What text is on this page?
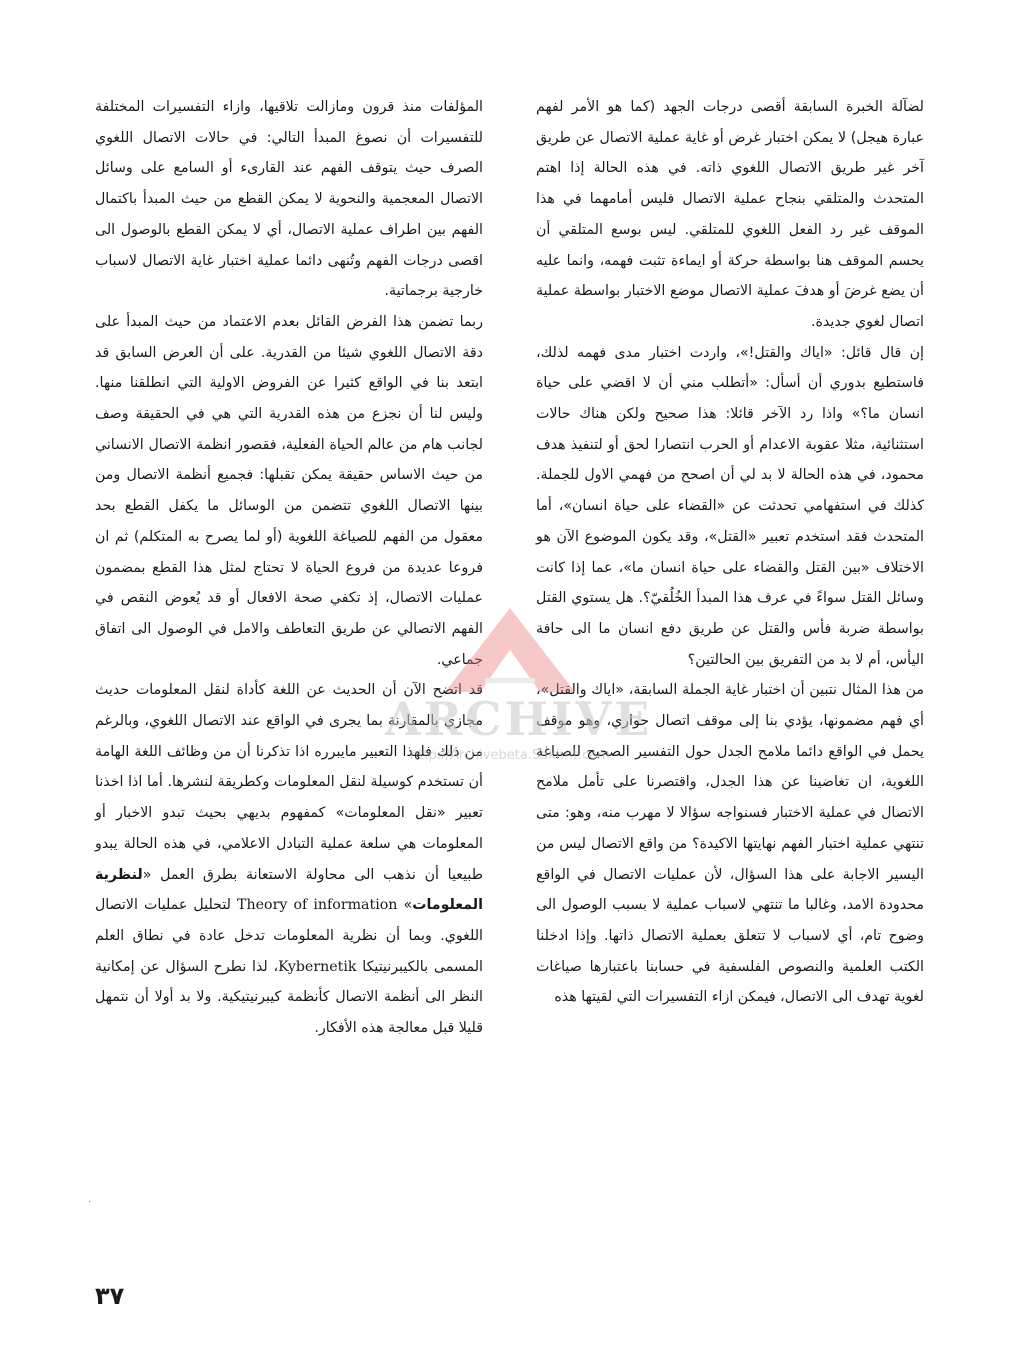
لضآلة الخبرة السابقة أقصى درجات الجهد (كما هو الأمر لفهم عبارة هيجل) لا يمكن اختبار غرض أو غاية عملية الاتصال عن طريق آخر غير طريق الاتصال اللغوي ذاته. في هذه الحالة إذا اهتم المتحدث والمتلقي بنجاح عملية الاتصال فليس أمامهما في هذا الموقف غير رد الفعل اللغوي للمتلقي. ليس بوسع المتلقي أن يحسم الموقف هنا بواسطة حركة أو ايماءة تثبت فهمه، وانما عليه أن يضع غرضَ أو هدفَ عملية الاتصال موضع الاختبار بواسطة عملية اتصال لغوي جديدة.

إن قال قائل: «اياك والقتل!»، واردت اختبار مدى فهمه لذلك، فاستطيع بدوري أن أسأل: «أتطلب مني أن لا اقضي على حياة انسان ما؟» واذا رد الآخر قائلا: هذا صحيح ولكن هناك حالات استثنائية، مثلا عقوبة الاعدام أو الحرب انتصارا لحق أو لتنفيذ هدف محمود، في هذه الحالة لا بد لي أن اصحح من فهمي الاول للجملة. كذلك في استفهامي تحدثت عن «القضاء على حياة انسان»، أما المتحدث فقد استخدم تعبير «القتل»، وقد يكون الموضوع الآن هو الاختلاف «بين القتل والقضاء على حياة انسان ما»، عما إذا كانت وسائل القتل سواءً في عرف هذا المبدأ الخُلُقيّ؟. هل يستوي القتل بواسطة ضربة فأس والقتل عن طريق دفع انسان ما الى حافة اليأس، أم لا بد من التفريق بين الحالتين؟

من هذا المثال نتبين أن اختبار غاية الجملة السابقة، «اياك والقتل»، أي فهم مضمونها، يؤدي بنا إلى موقف اتصال حواري، وهو موقف يحمل في الواقع دائما ملامح الجدل حول التفسير الصحيح للصياغة اللغوية، ان تغاضينا عن هذا الجدل، واقتصرنا على تأمل ملامح الاتصال في عملية الاختبار فسنواجه سؤالا لا مهرب منه، وهو: متى تنتهي عملية اختبار الفهم نهايتها الاكيدة؟ من واقع الاتصال ليس من اليسير الاجابة على هذا السؤال، لأن عمليات الاتصال في الواقع محدودة الامد، وغالبا ما تنتهي لاسباب عملية لا بسبب الوصول الى وضوح تام، أي لاسباب لا تتعلق بعملية الاتصال ذاتها. وإذا ادخلنا الكتب العلمية والنصوص الفلسفية في حسابنا باعتبارها صياغات لغوية تهدف الى الاتصال، فيمكن ازاء التفسيرات التي لقيتها هذه

المؤلفات منذ قرون ومازالت تلاقيها، وازاء التفسيرات المختلفة للتفسيرات أن نصوغ المبدأ التالي: في حالات الاتصال اللغوي الصرف حيث يتوقف الفهم عند القارىء أو السامع على وسائل الاتصال المعجمية والنحوية لا يمكن القطع من حيث المبدأ باكتمال الفهم بين اطراف عملية الاتصال، أي لا يمكن القطع بالوصول الى اقصى درجات الفهم وتُنهى دائما عملية اختبار غاية الاتصال لاسباب خارجية برجماتية.

ربما تضمن هذا الفرض القائل بعدم الاعتماد من حيث المبدأ على دقة الاتصال اللغوي شيئا من القدرية. على أن العرض السابق قد ابتعد بنا في الواقع كثيرا عن الفروض الاولية التي انطلقنا منها. وليس لنا أن نجزع من هذه القدرية التي هي في الحقيقة وصف لجانب هام من عالم الحياة الفعلية، فقصور انظمة الاتصال الانساني من حيث الاساس حقيقة يمكن تقبلها: فجميع أنظمة الاتصال ومن بينها الاتصال اللغوي تتضمن من الوسائل ما يكفل القطع بحد معقول من الفهم للصياغة اللغوية (أو لما يصرح به المتكلم) ثم ان فروعا عديدة من فروع الحياة لا تحتاج لمثل هذا القطع بمضمون عمليات الاتصال، إذ تكفي صحة الافعال أو قد يُعوض النقص في الفهم الاتصالي عن طريق التعاطف والامل في الوصول الى اتفاق جماعي.

قد اتضح الآن أن الحديث عن اللغة كأداة لنقل المعلومات حديث مجازي بالمقارنة بما يجرى في الواقع عند الاتصال اللغوي، وبالرغم من ذلك فلهذا التعبير مايبرره اذا تذكرنا أن من وظائف اللغة الهامة أن تستخدم كوسيلة لنقل المعلومات وكطريقة لنشرها. أما اذا اخذنا تعبير «نقل المعلومات» كمفهوم بديهي بحيث تبدو الاخبار أو المعلومات هي سلعة عملية التبادل الاعلامي، في هذه الحالة يبدو طبيعيا أن نذهب الى محاولة الاستعانة بطرق العمل «لنظرية المعلومات» Theory of information لتحليل عمليات الاتصال اللغوي. وبما أن نظرية المعلومات تدخل عادة في نطاق العلم المسمى بالكيبرنيتيكا Kybernetik، لذا نطرح السؤال عن إمكانية النظر الى أنظمة الاتصال كأنظمة كيبرنيتيكية. ولا بد أولا أن نتمهل قليلا قبل معالجة هذه الأفكار.

ARCHIVE
http://Archivebeta.Sakhrit.com
·
٣٧
